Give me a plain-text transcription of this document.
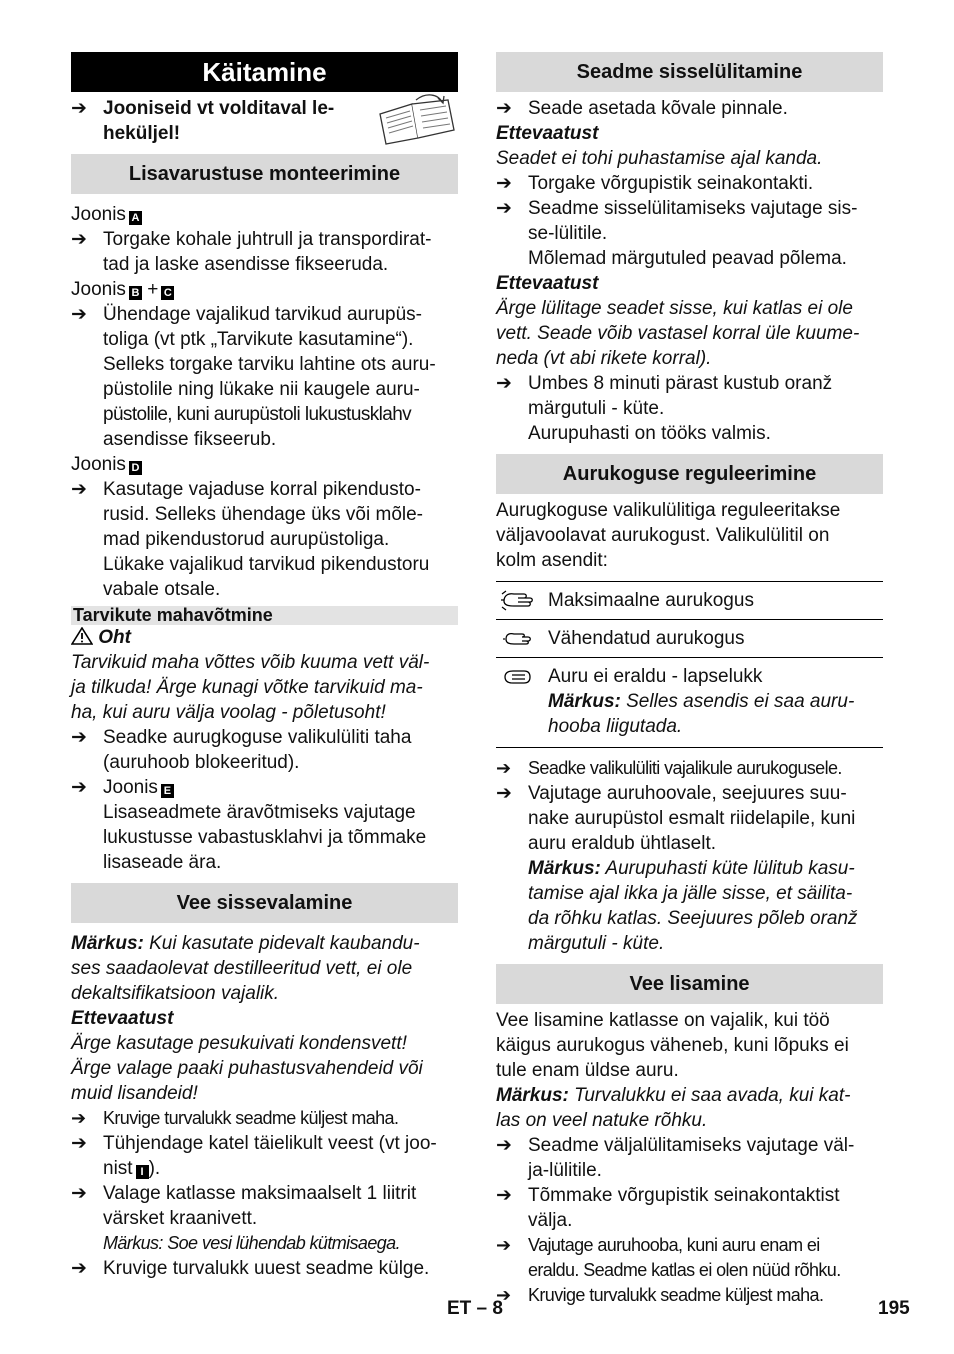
Käitamine
➔ Jooniseid vt volditaval le-
heküljel!
Lisavarustuse monteerimine
Joonis A
➔ Torgake kohale juhtrull ja transpordirat-
tad ja laske asendisse fikseeruda.
Joonis B + C
➔ Ühendage vajalikud tarvikud aurupüs-
toliga (vt ptk „Tarvikute kasutamine“).
Selleks torgake tarviku lahtine ots auru-
püstolile ning lükake nii kaugele auru-
püstolile, kuni aurupüstoli lukustusklahv
asendisse fikseerub.
Joonis D
➔ Kasutage vajaduse korral pikendusto-
rusid. Selleks ühendage üks või mõle-
mad pikendustorud aurupüstoliga.
Lükake vajalikud tarvikud pikendustoru
vabale otsale.
Tarvikute mahavõtmine
Oht
Tarvikuid maha võttes võib kuuma vett väl-
ja tilkuda! Ärge kunagi võtke tarvikuid ma-
ha, kui auru välja voolag - põletusoht!
➔ Seadke aurugkoguse valikulüliti taha
(auruhoob blokeeritud).
➔ Joonis E
Lisaseadmete äravõtmiseks vajutage
lukustusse vabastusklahvi ja tõmmake
lisaseade ära.
Vee sissevalamine
Märkus: Kui kasutate pidevalt kaubandu-
ses saadaolevat destilleeritud vett, ei ole
dekaltsifikatsioon vajalik.
Ettevaatust
Ärge kasutage pesukuivati kondensvett!
Ärge valage paaki puhastusvahendeid või
muid lisandeid!
➔ Kruvige turvalukk seadme küljest maha.
➔ Tühjendage katel täielikult veest (vt joo-
nist I ).
➔ Valage katlasse maksimaalselt 1 liitrit
värsket kraanivett.
Märkus: Soe vesi lühendab kütmisaega.
➔ Kruvige turvalukk uuest seadme külge.
Seadme sisselülitamine
➔ Seade asetada kõvale pinnale.
Ettevaatust
Seadet ei tohi puhastamise ajal kanda.
➔ Torgake võrgupistik seinakontakti.
➔ Seadme sisselülitamiseks vajutage sis-
se-lülitile.
Mõlemad märgutuled peavad põlema.
Ettevaatust
Ärge lülitage seadet sisse, kui katlas ei ole
vett. Seade võib vastasel korral üle kuume-
neda (vt abi rikete korral).
➔ Umbes 8 minuti pärast kustub oranž
märgutuli - küte.
Aurupuhasti on tööks valmis.
Aurukoguse reguleerimine
Aurugkoguse valikulülitiga reguleeritakse
väljavoolavat aurukogust. Valikulülitil on
kolm asendit:
Maksimaalne aurukogus
Vähendatud aurukogus
Auru ei eraldu - lapselukk
Märkus: Selles asendis ei saa auru-
hooba liigutada.
➔ Seadke valikulüliti vajalikule aurukogusele.
➔ Vajutage auruhoovale, seejuures suu-
nake aurupüstol esmalt riidelapile, kuni
auru eraldub ühtlaselt.
Märkus: Aurupuhasti küte lülitub kasu-
tamise ajal ikka ja jälle sisse, et säilita-
da rõhku katlas. Seejuures põleb oranž
märgutuli - küte.
Vee lisamine
Vee lisamine katlasse on vajalik, kui töö
käigus aurukogus väheneb, kuni lõpuks ei
tule enam üldse auru.
Märkus: Turvalukku ei saa avada, kui kat-
las on veel natuke rõhku.
➔ Seadme väljalülitamiseks vajutage väl-
ja-lülitile.
➔ Tõmmake võrgupistik seinakontaktist
välja.
➔ Vajutage auruhooba, kuni auru enam ei
eraldu. Seadme katlas ei olen nüüd rõhku.
➔ Kruvige turvalukk seadme küljest maha.
ET – 8	195
